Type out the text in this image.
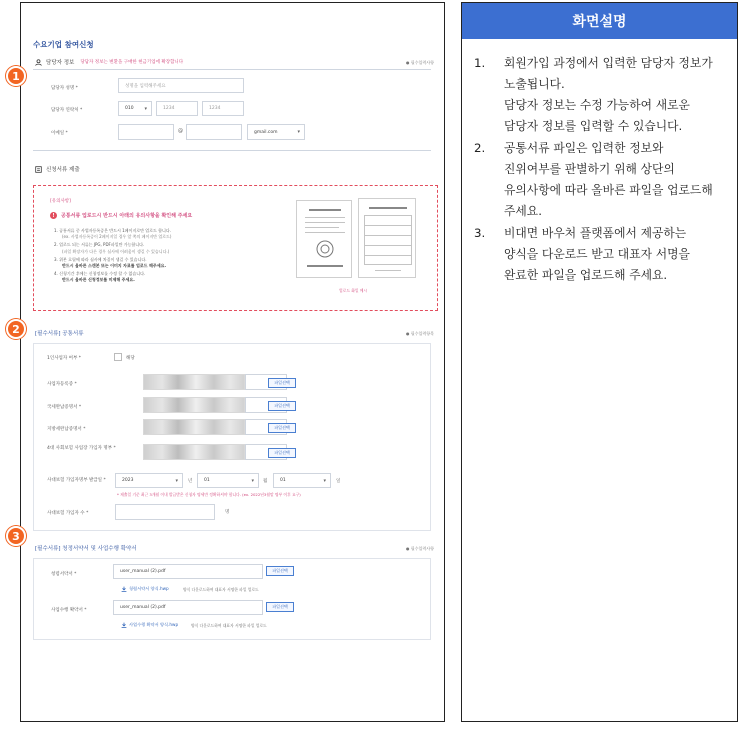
수요기업 참여신청
담당자 정보 당담자 정보는 변환을 구매한 현금기업에 확장합니다	● 필수입력사항
담당자 성명 *	성명을 입력해주세요
담당자 연락처 *	010 ▾	1234	1234
이메일 *	@	gmail.com ▾
신청서류 제출
[유의사항]
!	공통서류 업로드시 반드시 아래의 유의사항을 확인해 주세요
1. 공통서류 중 사업자등록증은 반드시 1페이지로만 업로드 합니다.
(ex. 사업자등록증이 2페이지일 경우 앞 쪽의 페이지만 업로드)
2. 업로드 되는 서류는 JPG, PDF파일만 가능합니다.
(파일 확장자가 다른 경우 심사에 어려움이 생길 수 있습니다.)
3. 위본 흐릴에 따라 심사에 차질이 생길 수 있습니다.
반드시 올바른 스캔본 또는 이미지 자료를 업로드 해주세요.
4. 신청기간 후에는 신청정보를 수정 할 수 없습니다.
반드시 올바른 신청정보를 미제해 주세요.
업로드 화일 예시
[필수서류] 공통서류	● 필수입력항목
1인사업자 여부 *	해당
사업자등록증 *	파일선택
국세완납증명서 *	파일선택
지방세완납증명서 *	파일선택
4대 사회보험 사업장 가입자 명부 *
파일선택
사대보험 가입자명부 발급일 *	2023 ▾	년	01 ▾	월	01 ▾	일
* 제출일 기준 최근 3개월 이내 발급받은 신청자 명세만 정확하셔야 합니다. (ex. 2022년3월말 명부 이후 요구)
사대보험 가입자 수 *	명
[필수서류] 청정서약서 및 사업수행 확약서	● 필수입력사항
청렴서약서 *
user_manual (2).pdf	파일선택
청렴서약서 양식.hwp	양식 다운로드하여 대표자 서명한 파일 업로드
사업수행 확약서 *
user_manual (2).pdf	파일선택
사업수행 확약서 양식.hwp	양식 다운로드하여 대표자 서명한 파일 업로드
1
2
3
화면설명
1.	회원가입 과정에서 입력한 담당자 정보가
노출됩니다.
담당자 정보는 수정 가능하여 새로운
담당자 정보를 입력할 수 있습니다.
2.	공통서류 파일은 입력한 정보와
진위여부를 판별하기 위해 상단의
유의사항에 따라 올바른 파일을 업로드해
주세요.
3.	비대면 바우처 플랫폼에서 제공하는
양식을 다운로드 받고 대표자 서명을
완료한 파일을 업로드해 주세요.
